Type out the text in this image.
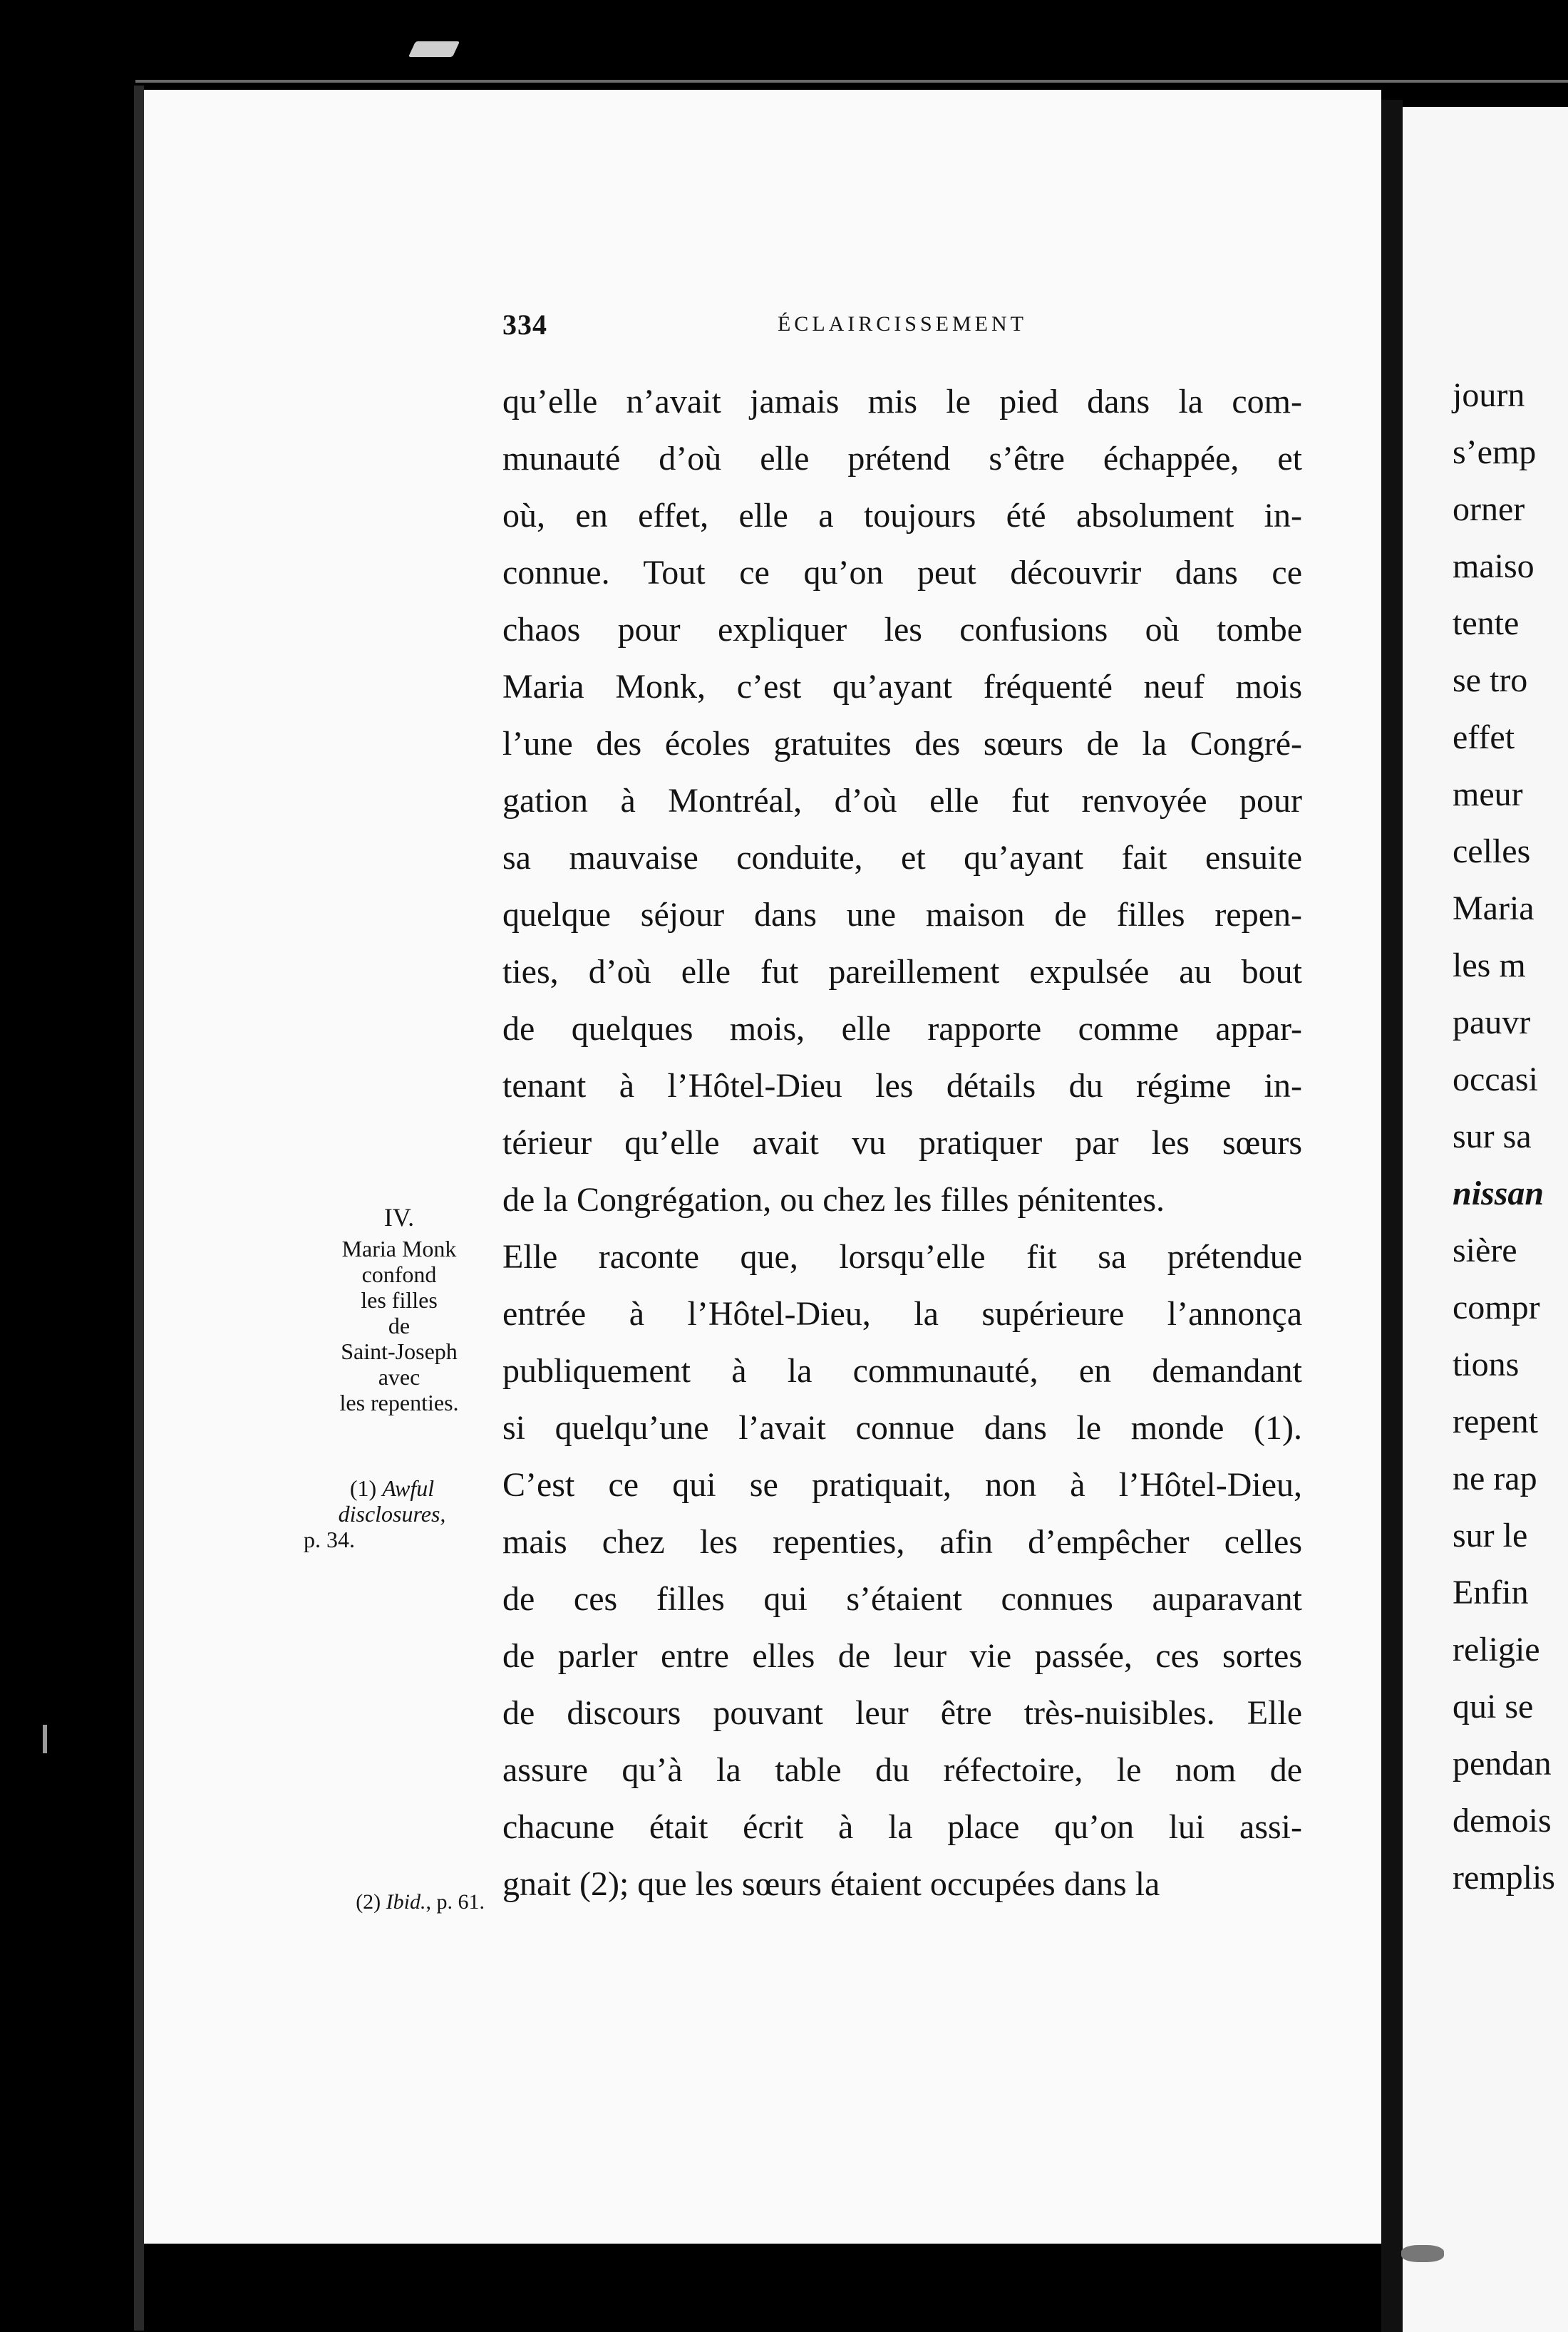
334	ÉCLAIRCISSEMENT
qu’elle n’avait jamais mis le pied dans la com-
munauté d’où elle prétend s’être échappée, et
où, en effet, elle a toujours été absolument in-
connue. Tout ce qu’on peut découvrir dans ce
chaos pour expliquer les confusions où tombe
Maria Monk, c’est qu’ayant fréquenté neuf mois
l’une des écoles gratuites des sœurs de la Congré-
gation à Montréal, d’où elle fut renvoyée pour
sa mauvaise conduite, et qu’ayant fait ensuite
quelque séjour dans une maison de filles repen-
ties, d’où elle fut pareillement expulsée au bout
de quelques mois, elle rapporte comme appar-
tenant à l’Hôtel-Dieu les détails du régime in-
térieur qu’elle avait vu pratiquer par les sœurs
de la Congrégation, ou chez les filles pénitentes.
Elle raconte que, lorsqu’elle fit sa prétendue
entrée à l’Hôtel-Dieu, la supérieure l’annonça
publiquement à la communauté, en demandant
si quelqu’une l’avait connue dans le monde (1).
C’est ce qui se pratiquait, non à l’Hôtel-Dieu,
mais chez les repenties, afin d’empêcher celles
de ces filles qui s’étaient connues auparavant
de parler entre elles de leur vie passée, ces sortes
de discours pouvant leur être très-nuisibles. Elle
assure qu’à la table du réfectoire, le nom de
chacune était écrit à la place qu’on lui assi-
gnait (2); que les sœurs étaient occupées dans la
IV.
Maria Monk
confond
les filles
de
Saint-Joseph
avec
les repenties.
(1) Awful
disclosures,
p. 34.
(2) Ibid., p. 61.
journ
s’emp
orner
maiso
tente
se tro
effet
meur
celles
Maria
les m
pauvr
occasi
sur sa
nissan
sière
compr
tions
repent
ne rap
sur le
Enfin
religie
qui se
pendan
demois
remplis
